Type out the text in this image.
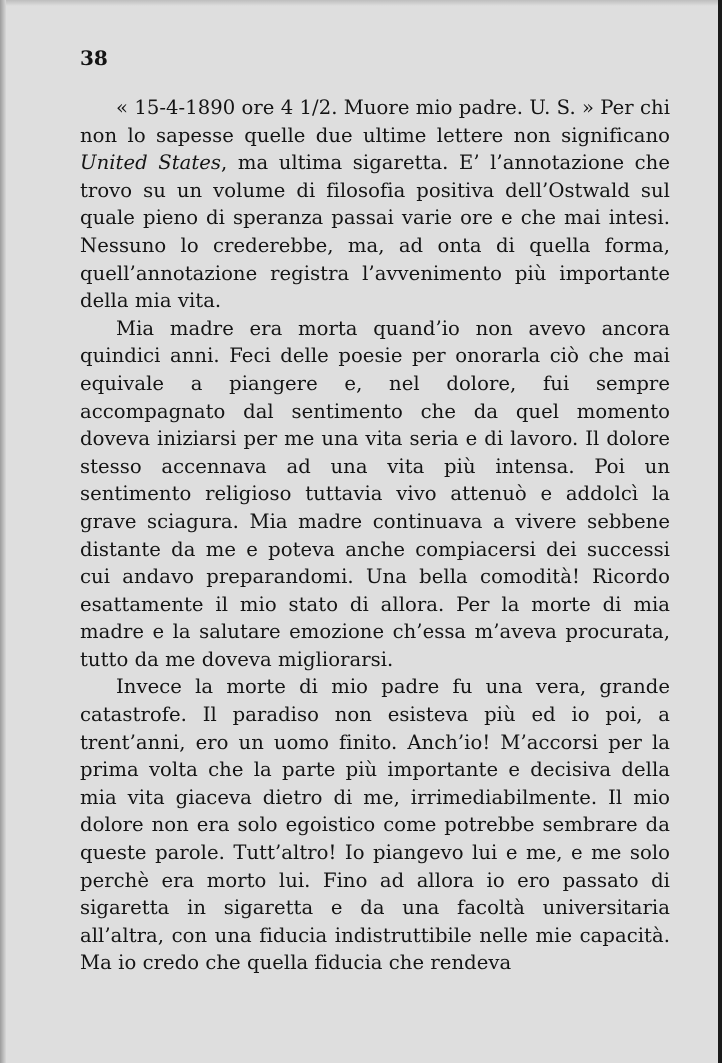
38

« 15-4-1890 ore 4 1/2. Muore mio padre. U. S. » Per chi non lo sapesse quelle due ultime lettere non significano United States, ma ultima sigaretta. E’ l’annotazione che trovo su un volume di filosofia positiva dell’Ostwald sul quale pieno di speranza passai varie ore e che mai intesi. Nessuno lo crederebbe, ma, ad onta di quella forma, quell’annotazione registra l’avvenimento più importante della mia vita.

Mia madre era morta quand’io non avevo ancora quindici anni. Feci delle poesie per onorarla ciò che mai equivale a piangere e, nel dolore, fui sempre accompagnato dal sentimento che da quel momento doveva iniziarsi per me una vita seria e di lavoro. Il dolore stesso accennava ad una vita più intensa. Poi un sentimento religioso tuttavia vivo attenuò e addolcì la grave sciagura. Mia madre continuava a vivere sebbene distante da me e poteva anche compiacersi dei successi cui andavo preparandomi. Una bella comodità! Ricordo esattamente il mio stato di allora. Per la morte di mia madre e la salutare emozione ch’essa m’aveva procurata, tutto da me doveva migliorarsi.

Invece la morte di mio padre fu una vera, grande catastrofe. Il paradiso non esisteva più ed io poi, a trent’anni, ero un uomo finito. Anch’io! M’accorsi per la prima volta che la parte più importante e decisiva della mia vita giaceva dietro di me, irrimediabilmente. Il mio dolore non era solo egoistico come potrebbe sembrare da queste parole. Tutt’altro! Io piangevo lui e me, e me solo perchè era morto lui. Fino ad allora io ero passato di sigaretta in sigaretta e da una facoltà universitaria all’altra, con una fiducia indistruttibile nelle mie capacità. Ma io credo che quella fiducia che rendeva
